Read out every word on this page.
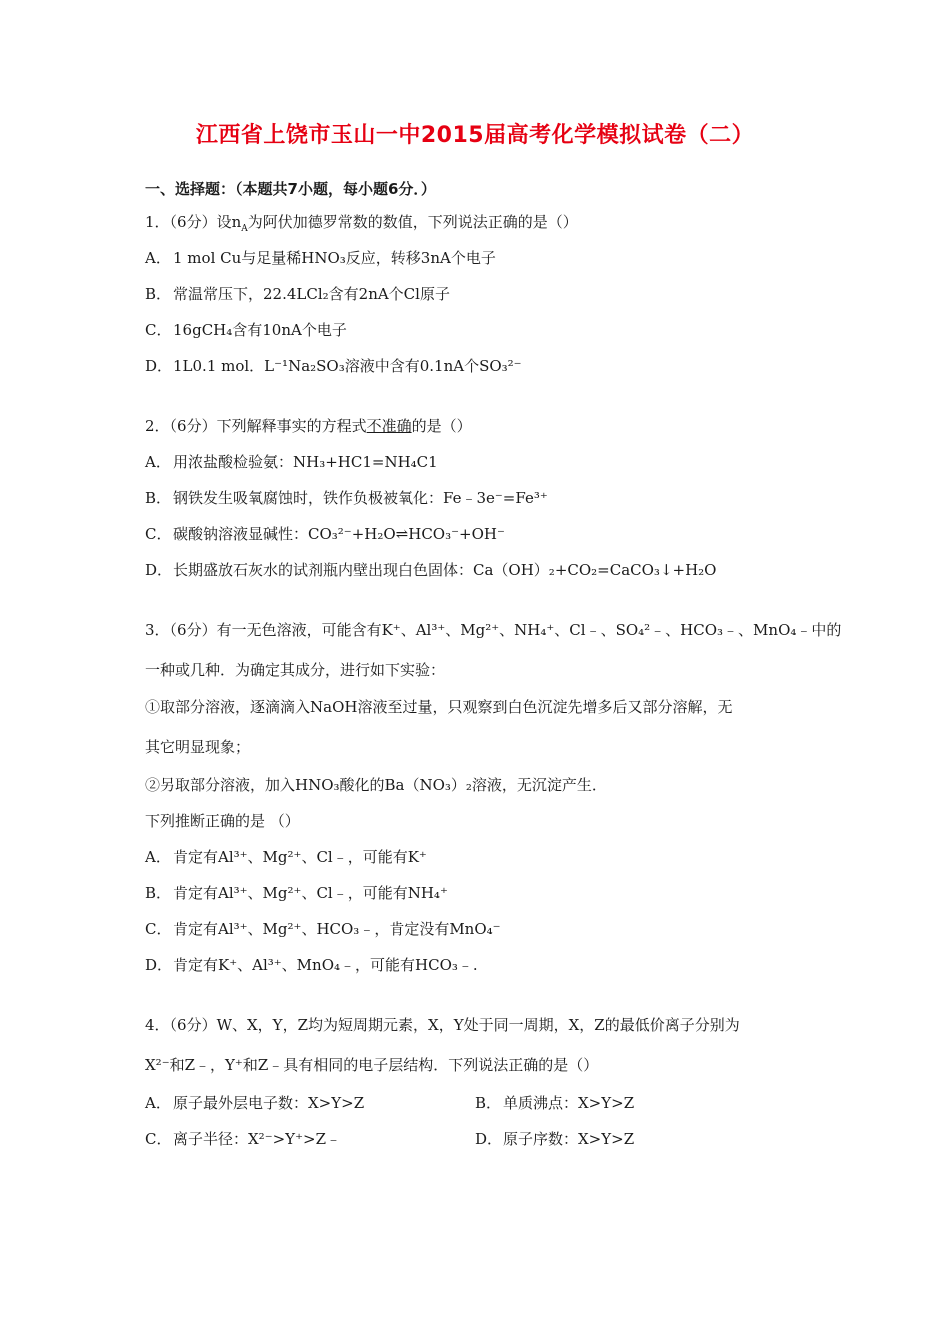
江西省上饶市玉山一中2015届高考化学模拟试卷（二）
一、选择题：（本题共7小题，每小题6分．）
1．（6分）设$n_A$为阿伏加德罗常数的数值，下列说法正确的是（）
A． 1 mol Cu与足量稀HNO₃反应，转移3nA个电子
B． 常温常压下，22.4LCl₂含有2nA个Cl原子
C． 16gCH₄含有10nA个电子
D．1L0.1 mol．L⁻¹Na₂SO₃溶液中含有0.1nA个SO₃²⁻
2．（6分）下列解释事实的方程式不准确的是（）
A． 用浓盐酸检验氨：NH₃+HC1=NH₄C1
B． 钢铁发生吸氧腐蚀时，铁作负极被氧化：Fe﹣3e⁻=Fe³⁺
C． 碳酸钠溶液显碱性：CO₃²⁻+H₂O⇌HCO₃⁻+OH⁻
D．长期盛放石灰水的试剂瓶内壁出现白色固体：Ca（OH）₂+CO₂=CaCO₃↓+H₂O
3．（6分）有一无色溶液，可能含有K⁺、Al³⁺、Mg²⁺、NH₄⁺、Cl﹣、SO₄²﹣、HCO₃﹣、MnO₄﹣中的
一种或几种．为确定其成分，进行如下实验：
①取部分溶液，逐滴滴入NaOH溶液至过量，只观察到白色沉淀先增多后又部分溶解，无
其它明显现象；
②另取部分溶液，加入HNO₃酸化的Ba（NO₃）₂溶液，无沉淀产生．
下列推断正确的是 （）
A． 肯定有Al³⁺、Mg²⁺、Cl﹣，可能有K⁺
B． 肯定有Al³⁺、Mg²⁺、Cl﹣，可能有NH₄⁺
C． 肯定有Al³⁺、Mg²⁺、HCO₃﹣，肯定没有MnO₄⁻
D．肯定有K⁺、Al³⁺、MnO₄﹣，可能有HCO₃﹣.
4．（6分）W、X，Y，Z均为短周期元素，X，Y处于同一周期，X，Z的最低价离子分别为
X²⁻和Z﹣，Y⁺和Z﹣具有相同的电子层结构．下列说法正确的是（）
A． 原子最外层电子数：X>Y>Z	B． 单质沸点：X>Y>Z
C． 离子半径：X²⁻>Y⁺>Z﹣	D．原子序数：X>Y>Z
